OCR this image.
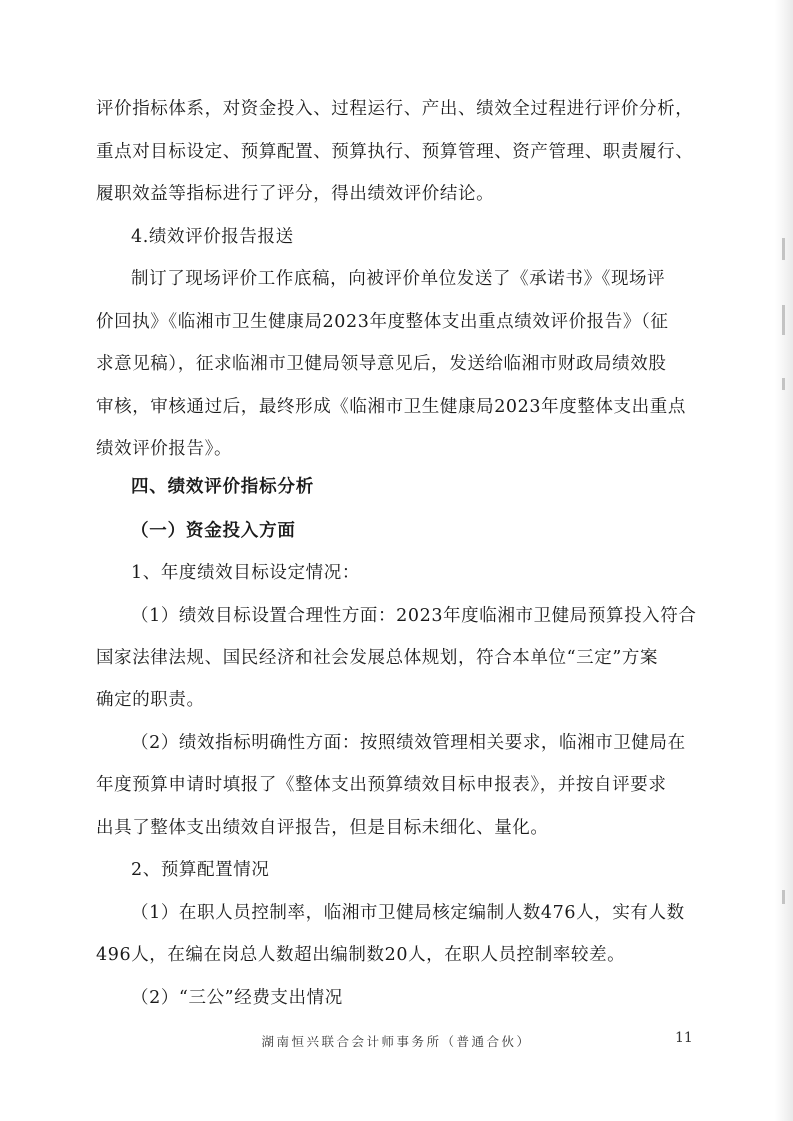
评价指标体系，对资金投入、过程运行、产出、绩效全过程进行评价分析，
重点对目标设定、预算配置、预算执行、预算管理、资产管理、职责履行、
履职效益等指标进行了评分，得出绩效评价结论。
4.绩效评价报告报送
制订了现场评价工作底稿，向被评价单位发送了《承诺书》《现场评
价回执》《临湘市卫生健康局2023年度整体支出重点绩效评价报告》（征
求意见稿），征求临湘市卫健局领导意见后，发送给临湘市财政局绩效股
审核，审核通过后，最终形成《临湘市卫生健康局2023年度整体支出重点
绩效评价报告》。
四、绩效评价指标分析
（一）资金投入方面
1、年度绩效目标设定情况：
（1）绩效目标设置合理性方面：2023年度临湘市卫健局预算投入符合
国家法律法规、国民经济和社会发展总体规划，符合本单位“三定”方案
确定的职责。
（2）绩效指标明确性方面：按照绩效管理相关要求，临湘市卫健局在
年度预算申请时填报了《整体支出预算绩效目标申报表》，并按自评要求
出具了整体支出绩效自评报告，但是目标未细化、量化。
2、预算配置情况
（1）在职人员控制率，临湘市卫健局核定编制人数476人，实有人数
496人，在编在岗总人数超出编制数20人，在职人员控制率较差。
（2）“三公”经费支出情况
湖南恒兴联合会计师事务所（普通合伙）	11
